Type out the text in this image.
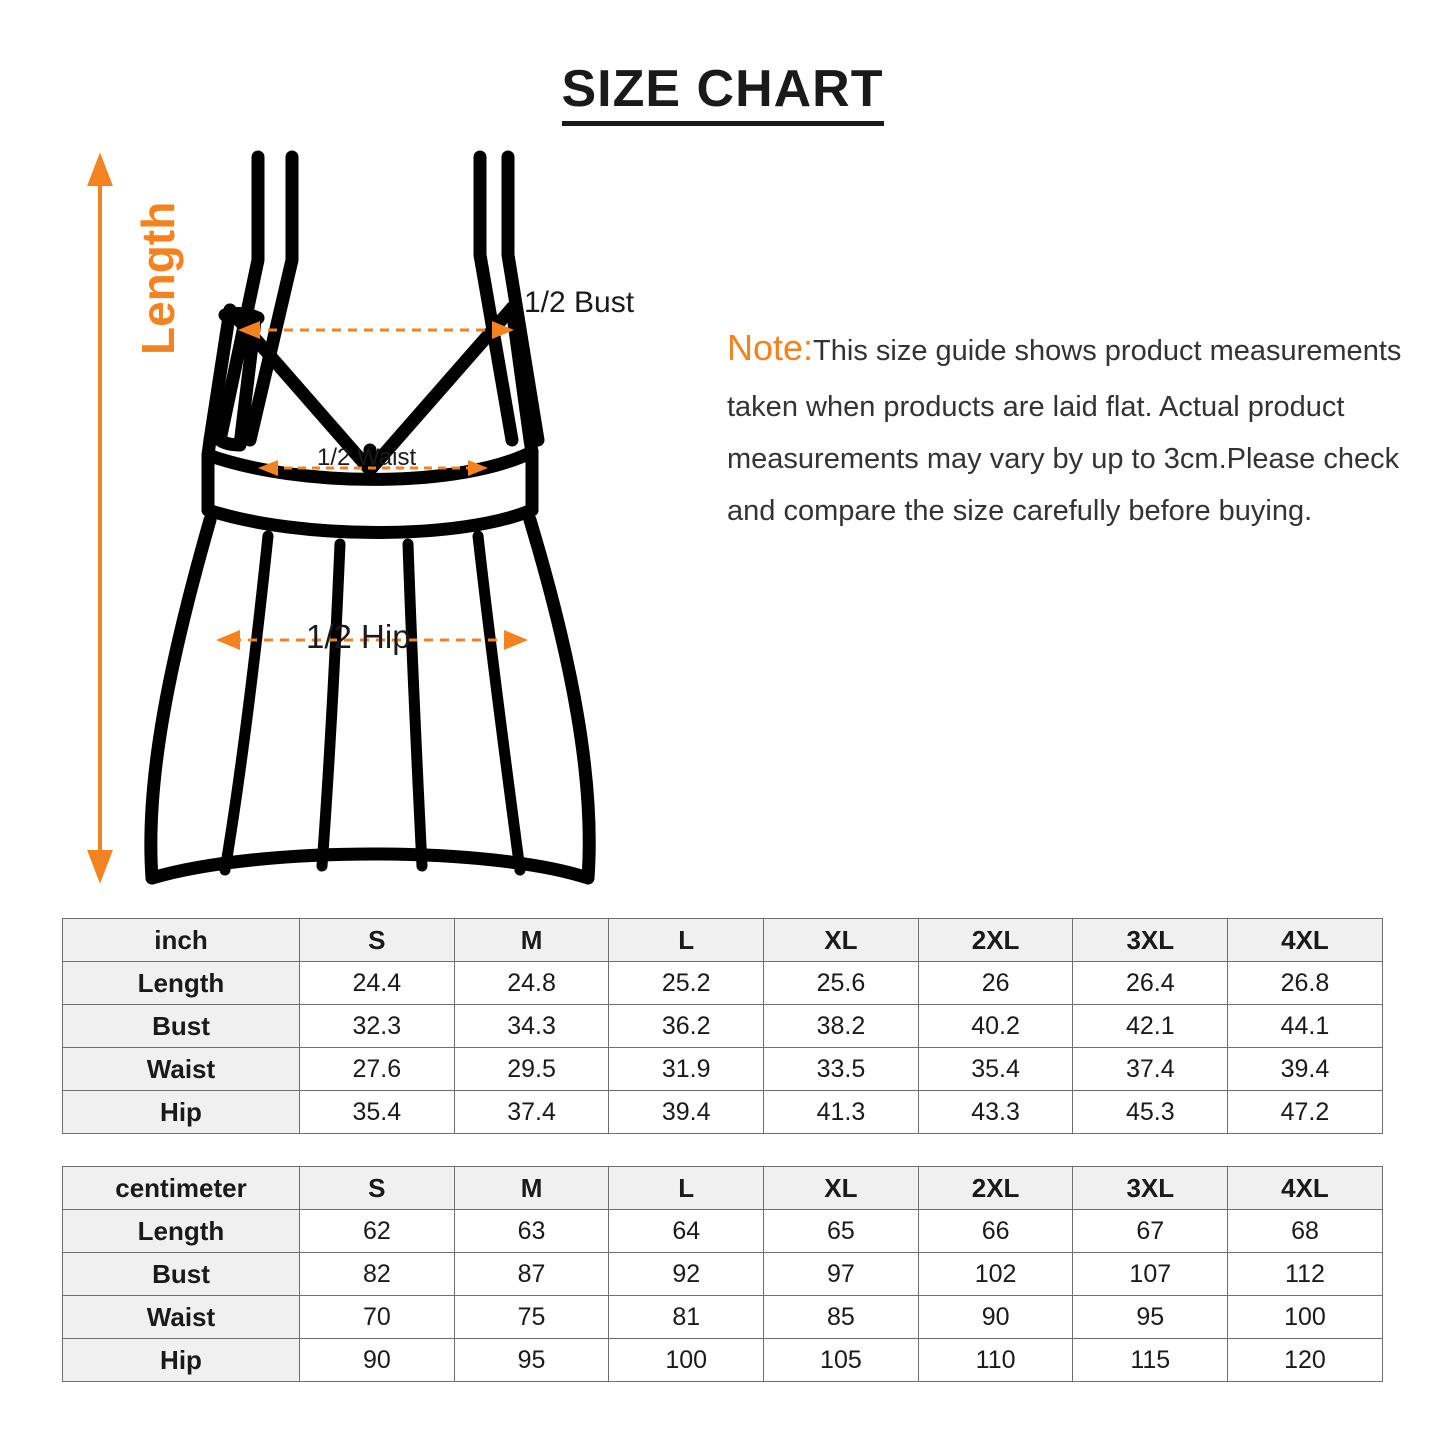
SIZE CHART
Length	1/2 Bust
1/2 Waist
1/2 Hip
Note:This size guide shows product measurements taken when products are laid flat. Actual product measurements may vary by up to 3cm.Please check and compare the size carefully before buying.
inch	S	M	L	XL	2XL	3XL	4XL
Length	24.4	24.8	25.2	25.6	26	26.4	26.8
Bust	32.3	34.3	36.2	38.2	40.2	42.1	44.1
Waist	27.6	29.5	31.9	33.5	35.4	37.4	39.4
Hip	35.4	37.4	39.4	41.3	43.3	45.3	47.2
centimeter	S	M	L	XL	2XL	3XL	4XL
Length	62	63	64	65	66	67	68
Bust	82	87	92	97	102	107	112
Waist	70	75	81	85	90	95	100
Hip	90	95	100	105	110	115	120
